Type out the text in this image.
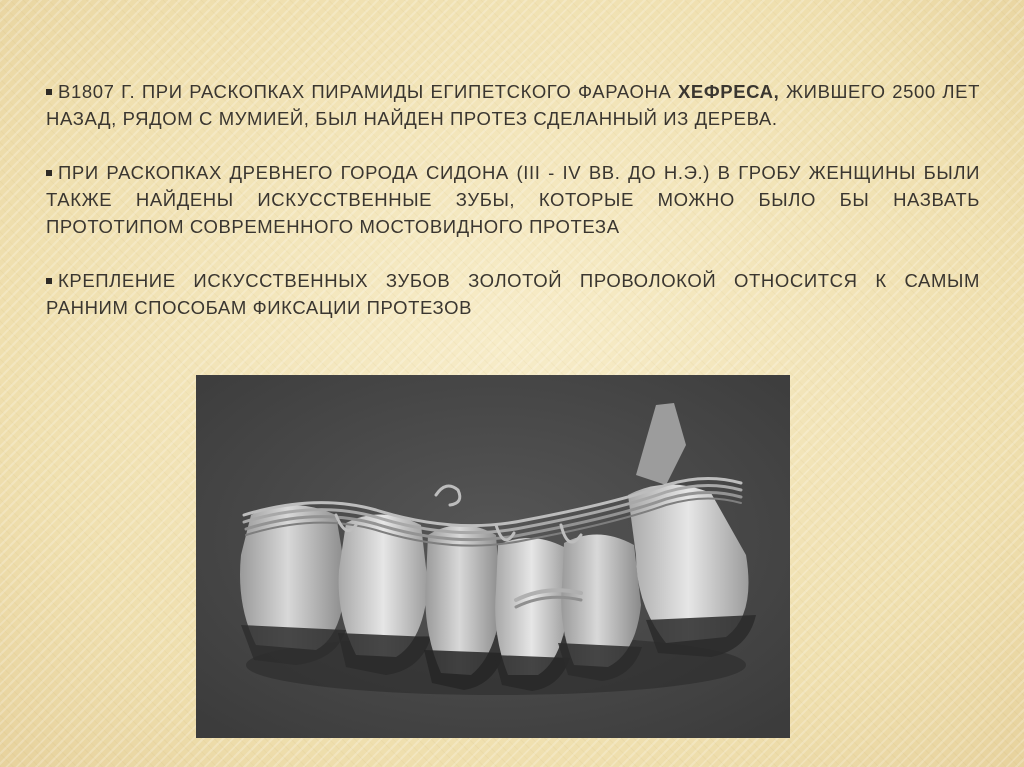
В1807 Г. ПРИ РАСКОПКАХ ПИРАМИДЫ ЕГИПЕТСКОГО ФАРАОНА ХЕФРЕСА, ЖИВШЕГО 2500 ЛЕТ НАЗАД, РЯДОМ С МУМИЕЙ, БЫЛ НАЙДЕН ПРОТЕЗ СДЕЛАННЫЙ ИЗ ДЕРЕВА.

ПРИ РАСКОПКАХ ДРЕВНЕГО ГОРОДА СИДОНА (III - IV ВВ. ДО Н.Э.) В ГРОБУ ЖЕНЩИНЫ БЫЛИ ТАКЖЕ НАЙДЕНЫ ИСКУССТВЕННЫЕ ЗУБЫ, КОТОРЫЕ МОЖНО БЫЛО БЫ НАЗВАТЬ ПРОТОТИПОМ СОВРЕМЕННОГО МОСТОВИДНОГО ПРОТЕЗА

КРЕПЛЕНИЕ ИСКУССТВЕННЫХ ЗУБОВ ЗОЛОТОЙ ПРОВОЛОКОЙ ОТНОСИТСЯ К САМЫМ РАННИМ СПОСОБАМ ФИКСАЦИИ ПРОТЕЗОВ
